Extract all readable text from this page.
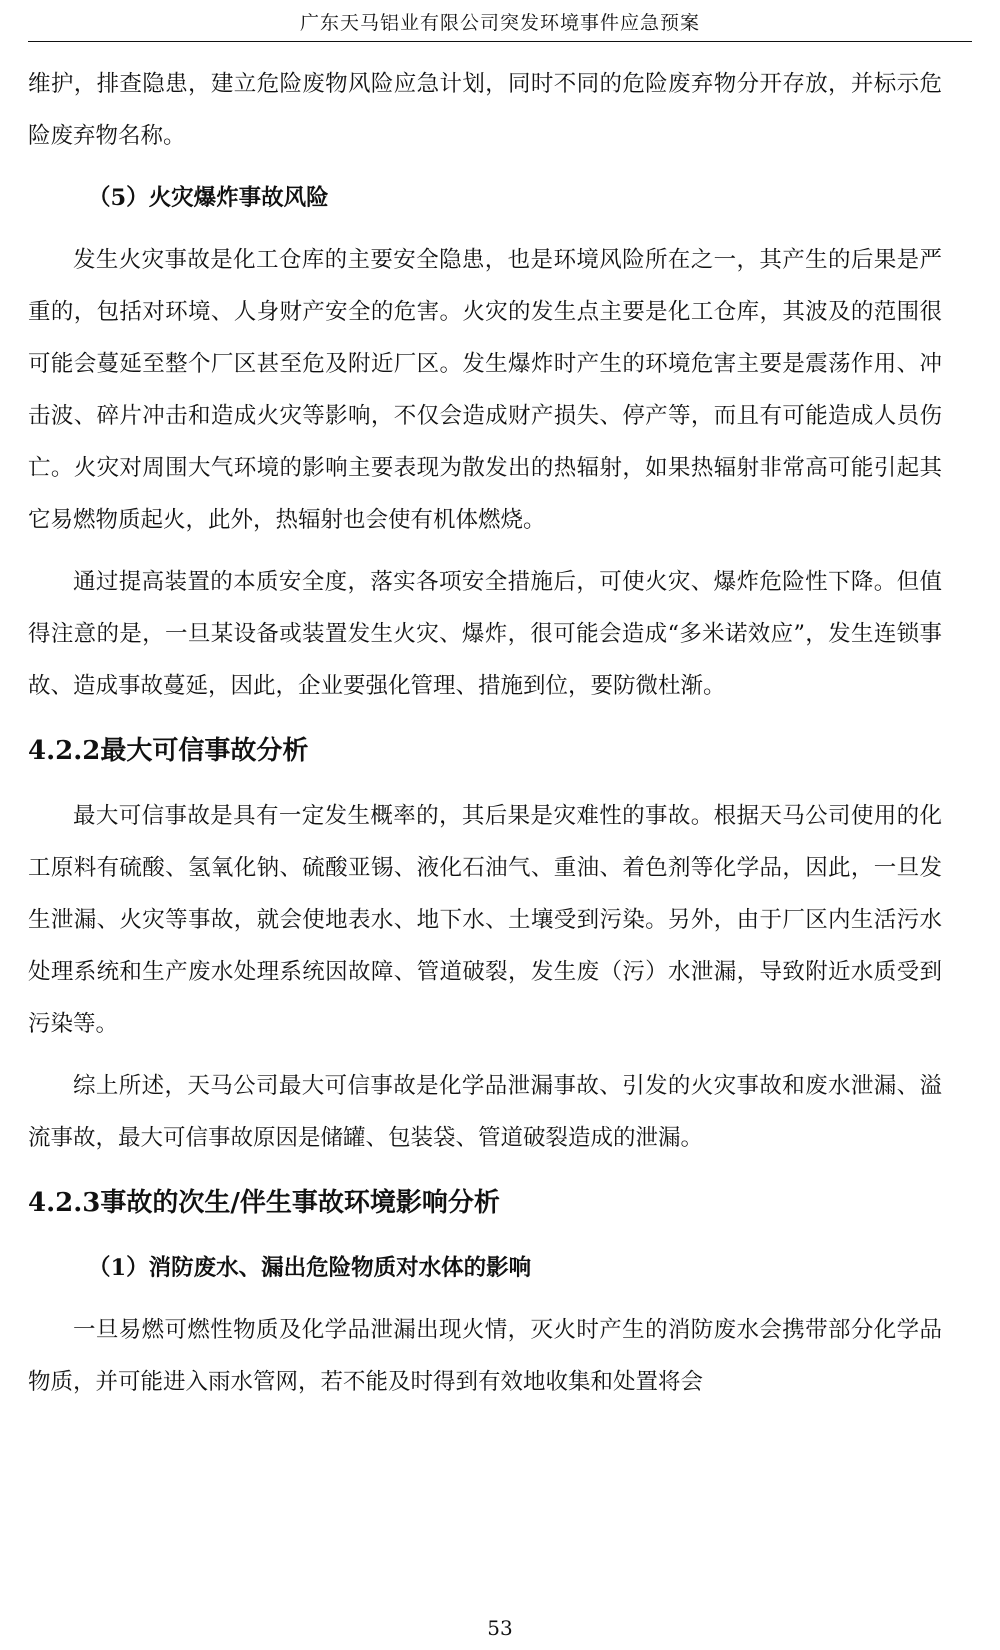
广东天马铝业有限公司突发环境事件应急预案

维护，排查隐患，建立危险废物风险应急计划，同时不同的危险废弃物分开存放，并标示危险废弃物名称。

（5）火灾爆炸事故风险

发生火灾事故是化工仓库的主要安全隐患，也是环境风险所在之一，其产生的后果是严重的，包括对环境、人身财产安全的危害。火灾的发生点主要是化工仓库，其波及的范围很可能会蔓延至整个厂区甚至危及附近厂区。发生爆炸时产生的环境危害主要是震荡作用、冲击波、碎片冲击和造成火灾等影响，不仅会造成财产损失、停产等，而且有可能造成人员伤亡。火灾对周围大气环境的影响主要表现为散发出的热辐射，如果热辐射非常高可能引起其它易燃物质起火，此外，热辐射也会使有机体燃烧。

通过提高装置的本质安全度，落实各项安全措施后，可使火灾、爆炸危险性下降。但值得注意的是，一旦某设备或装置发生火灾、爆炸，很可能会造成“多米诺效应”，发生连锁事故、造成事故蔓延，因此，企业要强化管理、措施到位，要防微杜渐。

4.2.2最大可信事故分析

最大可信事故是具有一定发生概率的，其后果是灾难性的事故。根据天马公司使用的化工原料有硫酸、氢氧化钠、硫酸亚锡、液化石油气、重油、着色剂等化学品，因此，一旦发生泄漏、火灾等事故，就会使地表水、地下水、土壤受到污染。另外，由于厂区内生活污水处理系统和生产废水处理系统因故障、管道破裂，发生废（污）水泄漏，导致附近水质受到污染等。

综上所述，天马公司最大可信事故是化学品泄漏事故、引发的火灾事故和废水泄漏、溢流事故，最大可信事故原因是储罐、包装袋、管道破裂造成的泄漏。

4.2.3事故的次生/伴生事故环境影响分析
（1）消防废水、漏出危险物质对水体的影响

一旦易燃可燃性物质及化学品泄漏出现火情，灭火时产生的消防废水会携带部分化学品物质，并可能进入雨水管网，若不能及时得到有效地收集和处置将会

53
